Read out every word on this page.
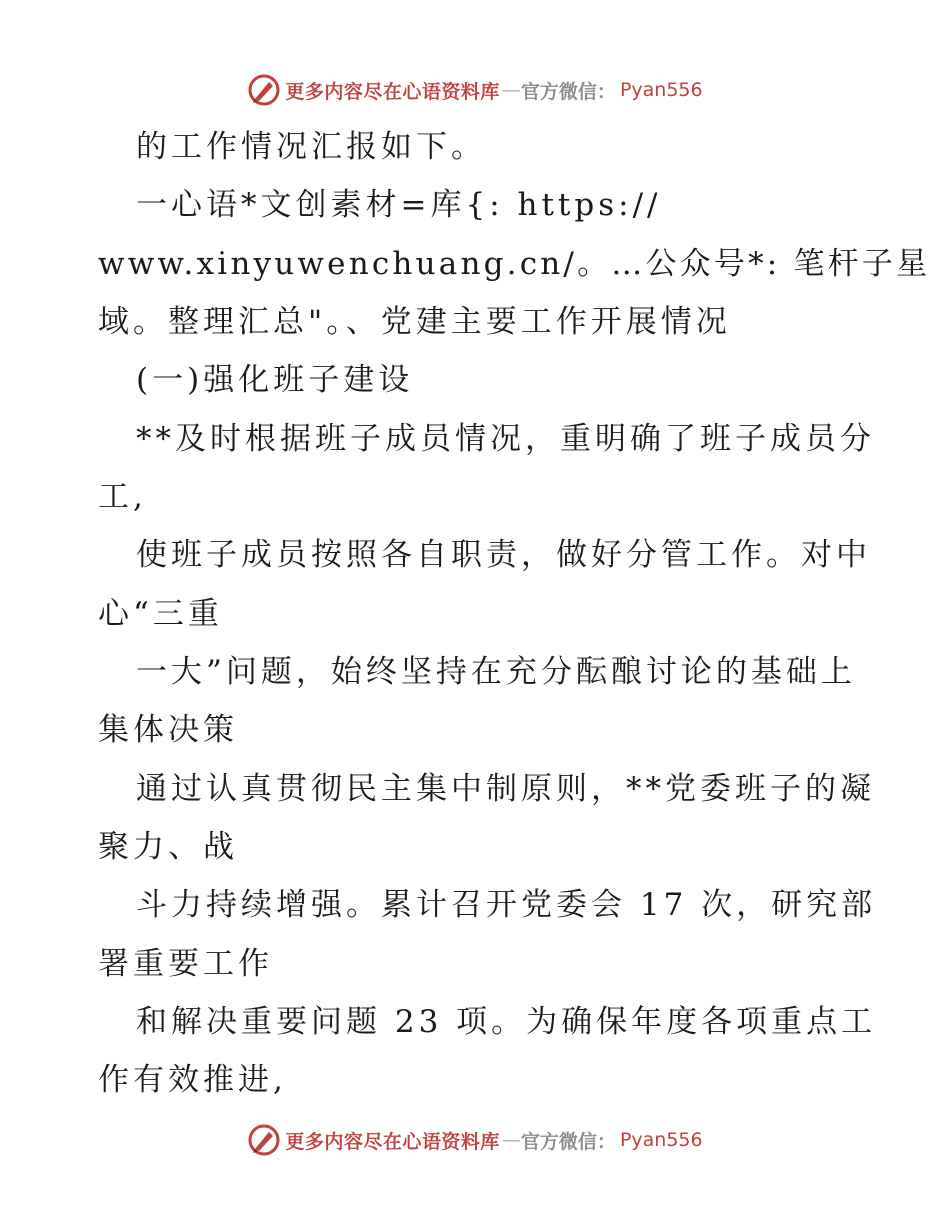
更多内容尽在心语资料库 — 官方微信： Pyan556
的工作情况汇报如下。
一心语*文创素材=库{: https://
www.xinyuwenchuang.cn/。…公众号*: 笔杆子星
域。整理汇总"。、党建主要工作开展情况
(一)强化班子建设
**及时根据班子成员情况，重明确了班子成员分
工,
使班子成员按照各自职责，做好分管工作。对中
心“三重
一大”问题，始终坚持在充分酝酿讨论的基础上
集体决策
通过认真贯彻民主集中制原则，**党委班子的凝
聚力、战
斗力持续增强。累计召开党委会 17 次，研究部
署重要工作
和解决重要问题 23 项。为确保年度各项重点工
作有效推进,
更多内容尽在心语资料库 — 官方微信： Pyan556
